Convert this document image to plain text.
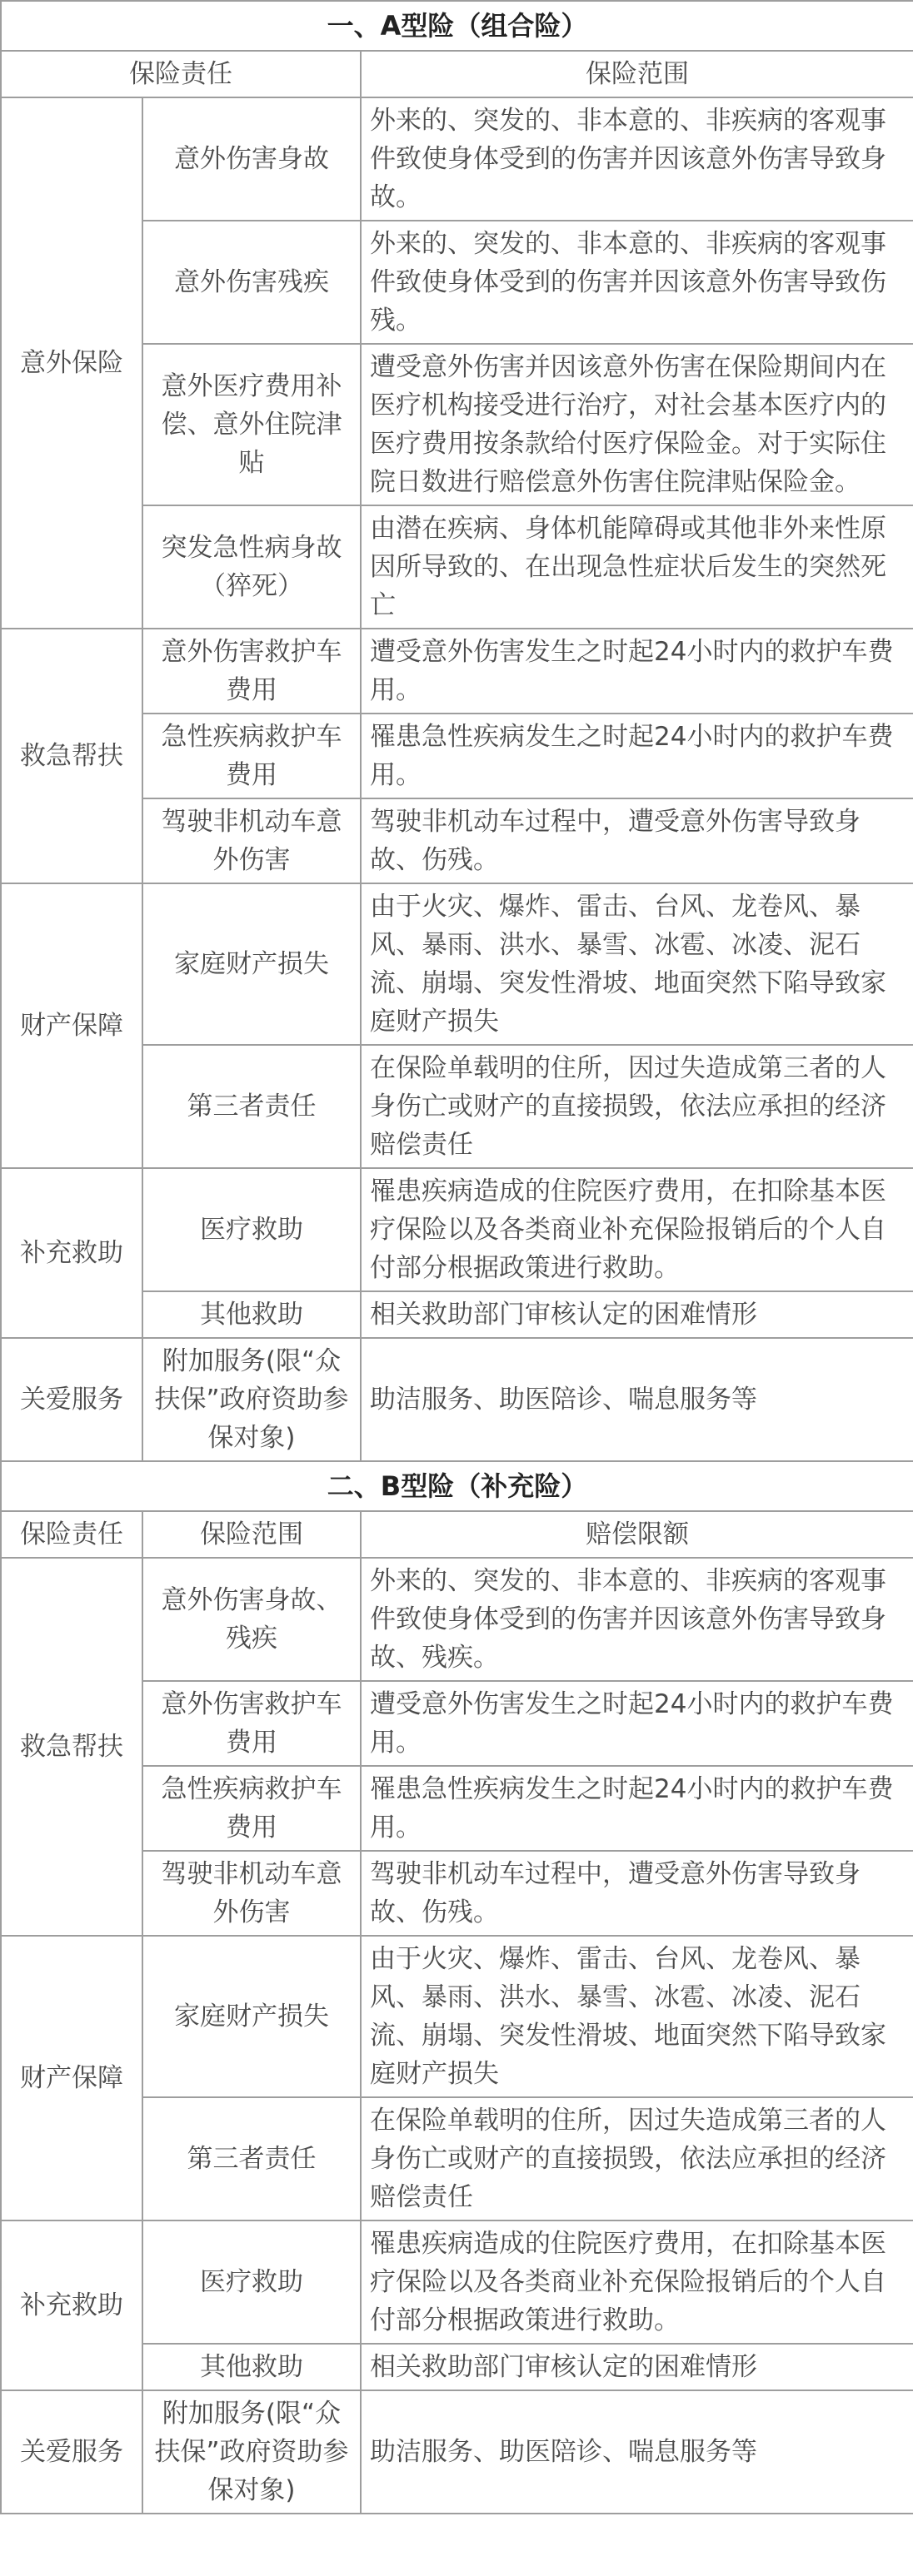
一、A型险（组合险）		
保险责任		保险范围
意外保险	意外伤害身故	外来的、突发的、非本意的、非疾病的客观事件致使身体受到的伤害并因该意外伤害导致身故。
	意外伤害残疾	外来的、突发的、非本意的、非疾病的客观事件致使身体受到的伤害并因该意外伤害导致伤残。
	意外医疗费用补偿、意外住院津贴	遭受意外伤害并因该意外伤害在保险期间内在医疗机构接受进行治疗，对社会基本医疗内的医疗费用按条款给付医疗保险金。对于实际住院日数进行赔偿意外伤害住院津贴保险金。
	突发急性病身故（猝死）	由潜在疾病、身体机能障碍或其他非外来性原因所导致的、在出现急性症状后发生的突然死亡
救急帮扶	意外伤害救护车费用	遭受意外伤害发生之时起24小时内的救护车费用。
	急性疾病救护车费用	罹患急性疾病发生之时起24小时内的救护车费用。
	驾驶非机动车意外伤害	驾驶非机动车过程中，遭受意外伤害导致身故、伤残。
财产保障	家庭财产损失	由于火灾、爆炸、雷击、台风、龙卷风、暴风、暴雨、洪水、暴雪、冰雹、冰凌、泥石流、崩塌、突发性滑坡、地面突然下陷导致家庭财产损失
	第三者责任	在保险单载明的住所，因过失造成第三者的人身伤亡或财产的直接损毁，依法应承担的经济赔偿责任
补充救助	医疗救助	罹患疾病造成的住院医疗费用，在扣除基本医疗保险以及各类商业补充保险报销后的个人自付部分根据政策进行救助。
	其他救助	相关救助部门审核认定的困难情形
关爱服务	附加服务(限“众扶保”政府资助参保对象)	助洁服务、助医陪诊、喘息服务等
二、B型险（补充险）		
保险责任	保险范围	赔偿限额
救急帮扶	意外伤害身故、残疾	外来的、突发的、非本意的、非疾病的客观事件致使身体受到的伤害并因该意外伤害导致身故、残疾。
	意外伤害救护车费用	遭受意外伤害发生之时起24小时内的救护车费用。
	急性疾病救护车费用	罹患急性疾病发生之时起24小时内的救护车费用。
	驾驶非机动车意外伤害	驾驶非机动车过程中，遭受意外伤害导致身故、伤残。
财产保障	家庭财产损失	由于火灾、爆炸、雷击、台风、龙卷风、暴风、暴雨、洪水、暴雪、冰雹、冰凌、泥石流、崩塌、突发性滑坡、地面突然下陷导致家庭财产损失
	第三者责任	在保险单载明的住所，因过失造成第三者的人身伤亡或财产的直接损毁，依法应承担的经济赔偿责任
补充救助	医疗救助	罹患疾病造成的住院医疗费用，在扣除基本医疗保险以及各类商业补充保险报销后的个人自付部分根据政策进行救助。
	其他救助	相关救助部门审核认定的困难情形
关爱服务	附加服务(限“众扶保”政府资助参保对象)	助洁服务、助医陪诊、喘息服务等
